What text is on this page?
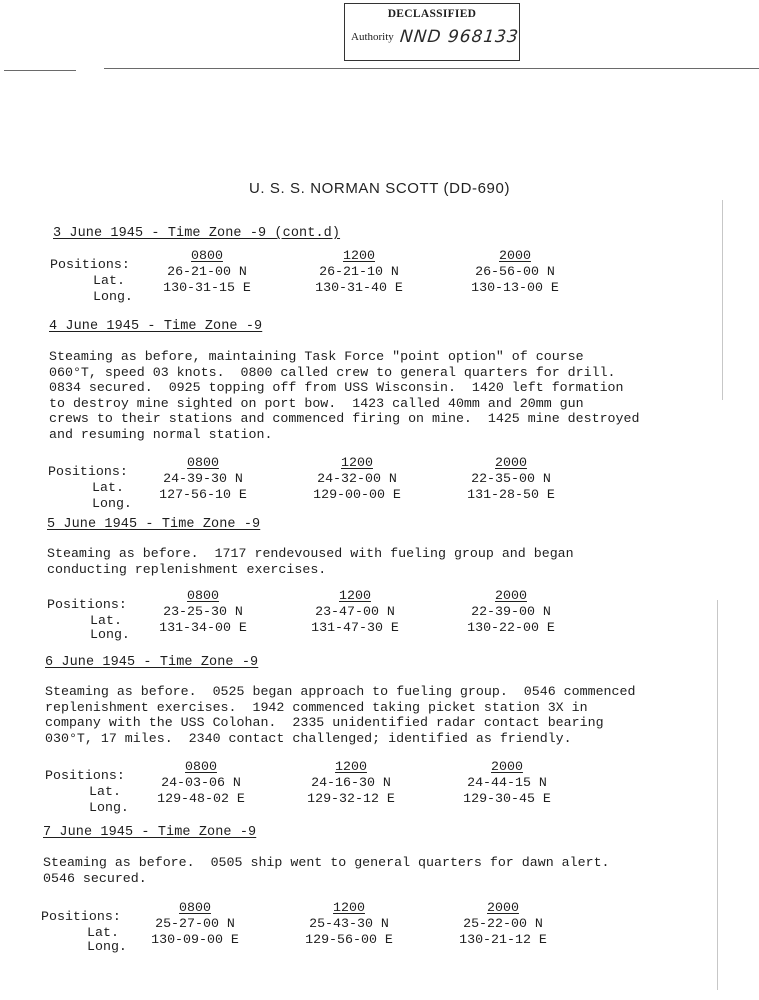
DECLASSIFIED
Authority NND 968133
U. S. S. NORMAN SCOTT (DD-690)

3 June 1945 - Time Zone -9 (cont.d)

Positions:
Lat.
Long.
0800
26-21-00 N
130-31-15 E
1200
26-21-10 N
130-31-40 E
2000
26-56-00 N
130-13-00 E

4 June 1945 - Time Zone -9

Steaming as before, maintaining Task Force "point option" of course
060°T, speed 03 knots.  0800 called crew to general quarters for drill.
0834 secured.  0925 topping off from USS Wisconsin.  1420 left formation
to destroy mine sighted on port bow.  1423 called 40mm and 20mm gun
crews to their stations and commenced firing on mine.  1425 mine destroyed
and resuming normal station.

Positions:
Lat.
Long.
0800
24-39-30 N
127-56-10 E
1200
24-32-00 N
129-00-00 E
2000
22-35-00 N
131-28-50 E

5 June 1945 - Time Zone -9

Steaming as before.  1717 rendevoused with fueling group and began
conducting replenishment exercises.

Positions:
Lat.
Long.
0800
23-25-30 N
131-34-00 E
1200
23-47-00 N
131-47-30 E
2000
22-39-00 N
130-22-00 E

6 June 1945 - Time Zone -9

Steaming as before.  0525 began approach to fueling group.  0546 commenced
replenishment exercises.  1942 commenced taking picket station 3X in
company with the USS Colohan.  2335 unidentified radar contact bearing
030°T, 17 miles.  2340 contact challenged; identified as friendly.

Positions:
Lat.
Long.
0800
24-03-06 N
129-48-02 E
1200
24-16-30 N
129-32-12 E
2000
24-44-15 N
129-30-45 E

7 June 1945 - Time Zone -9

Steaming as before.  0505 ship went to general quarters for dawn alert.
0546 secured.

Positions:
Lat.
Long.
0800
25-27-00 N
130-09-00 E
1200
25-43-30 N
129-56-00 E
2000
25-22-00 N
130-21-12 E
